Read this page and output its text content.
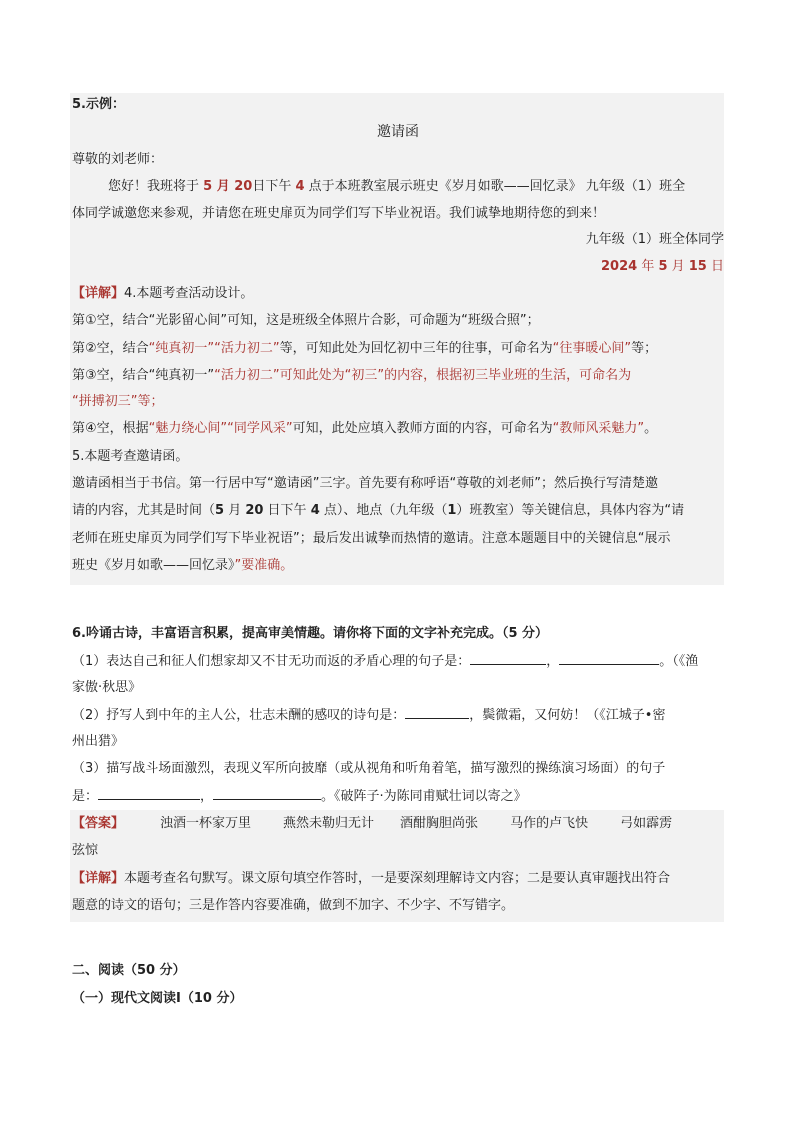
5.示例：
邀请函
尊敬的刘老师：
您好！我班将于 5 月 20日下午 4 点于本班教室展示班史《岁月如歌——回忆录》 九年级（1）班全
体同学诚邀您来参观，并请您在班史扉页为同学们写下毕业祝语。我们诚挚地期待您的到来！
九年级（1）班全体同学
2024 年 5 月 15 日
【详解】4.本题考查活动设计。
第①空，结合“光影留心间”可知，这是班级全体照片合影，可命题为“班级合照”；
第②空，结合“纯真初一”“活力初二”等，可知此处为回忆初中三年的往事，可命名为“往事暖心间”等；
第③空，结合“纯真初一”“活力初二”可知此处为“初三”的内容，根据初三毕业班的生活，可命名为
“拼搏初三”等；
第④空，根据“魅力绕心间”“同学风采”可知，此处应填入教师方面的内容，可命名为“教师风采魅力”。
5.本题考查邀请函。
邀请函相当于书信。第一行居中写“邀请函”三字。首先要有称呼语“尊敬的刘老师”；然后换行写清楚邀
请的内容，尤其是时间（5 月 20 日下午 4 点）、地点（九年级（1）班教室）等关键信息，具体内容为“请
老师在班史扉页为同学们写下毕业祝语”；最后发出诚挚而热情的邀请。注意本题题目中的关键信息“展示
班史《岁月如歌——回忆录》”要准确。
6.吟诵古诗，丰富语言积累，提高审美情趣。请你将下面的文字补充完成。（5 分）
（1）表达自己和征人们想家却又不甘无功而返的矛盾心理的句子是：	，	。（《渔
家傲·秋思》
（2）抒写人到中年的主人公，壮志未酬的感叹的诗句是：	，鬓微霜，又何妨！（《江城子•密
州出猎》
（3）描写战斗场面激烈，表现义军所向披靡（或从视角和听角着笔，描写激烈的操练演习场面）的句子
是：	，	。《破阵子·为陈同甫赋壮词以寄之》
【答案】	浊酒一杯家万里 燕然未勒归无计 酒酣胸胆尚张 马作的卢飞快 弓如霹雳
弦惊
【详解】本题考查名句默写。课文原句填空作答时，一是要深刻理解诗文内容；二是要认真审题找出符合
题意的诗文的语句；三是作答内容要准确，做到不加字、不少字、不写错字。
二、阅读（50 分）
（一）现代文阅读Ⅰ（10 分）
